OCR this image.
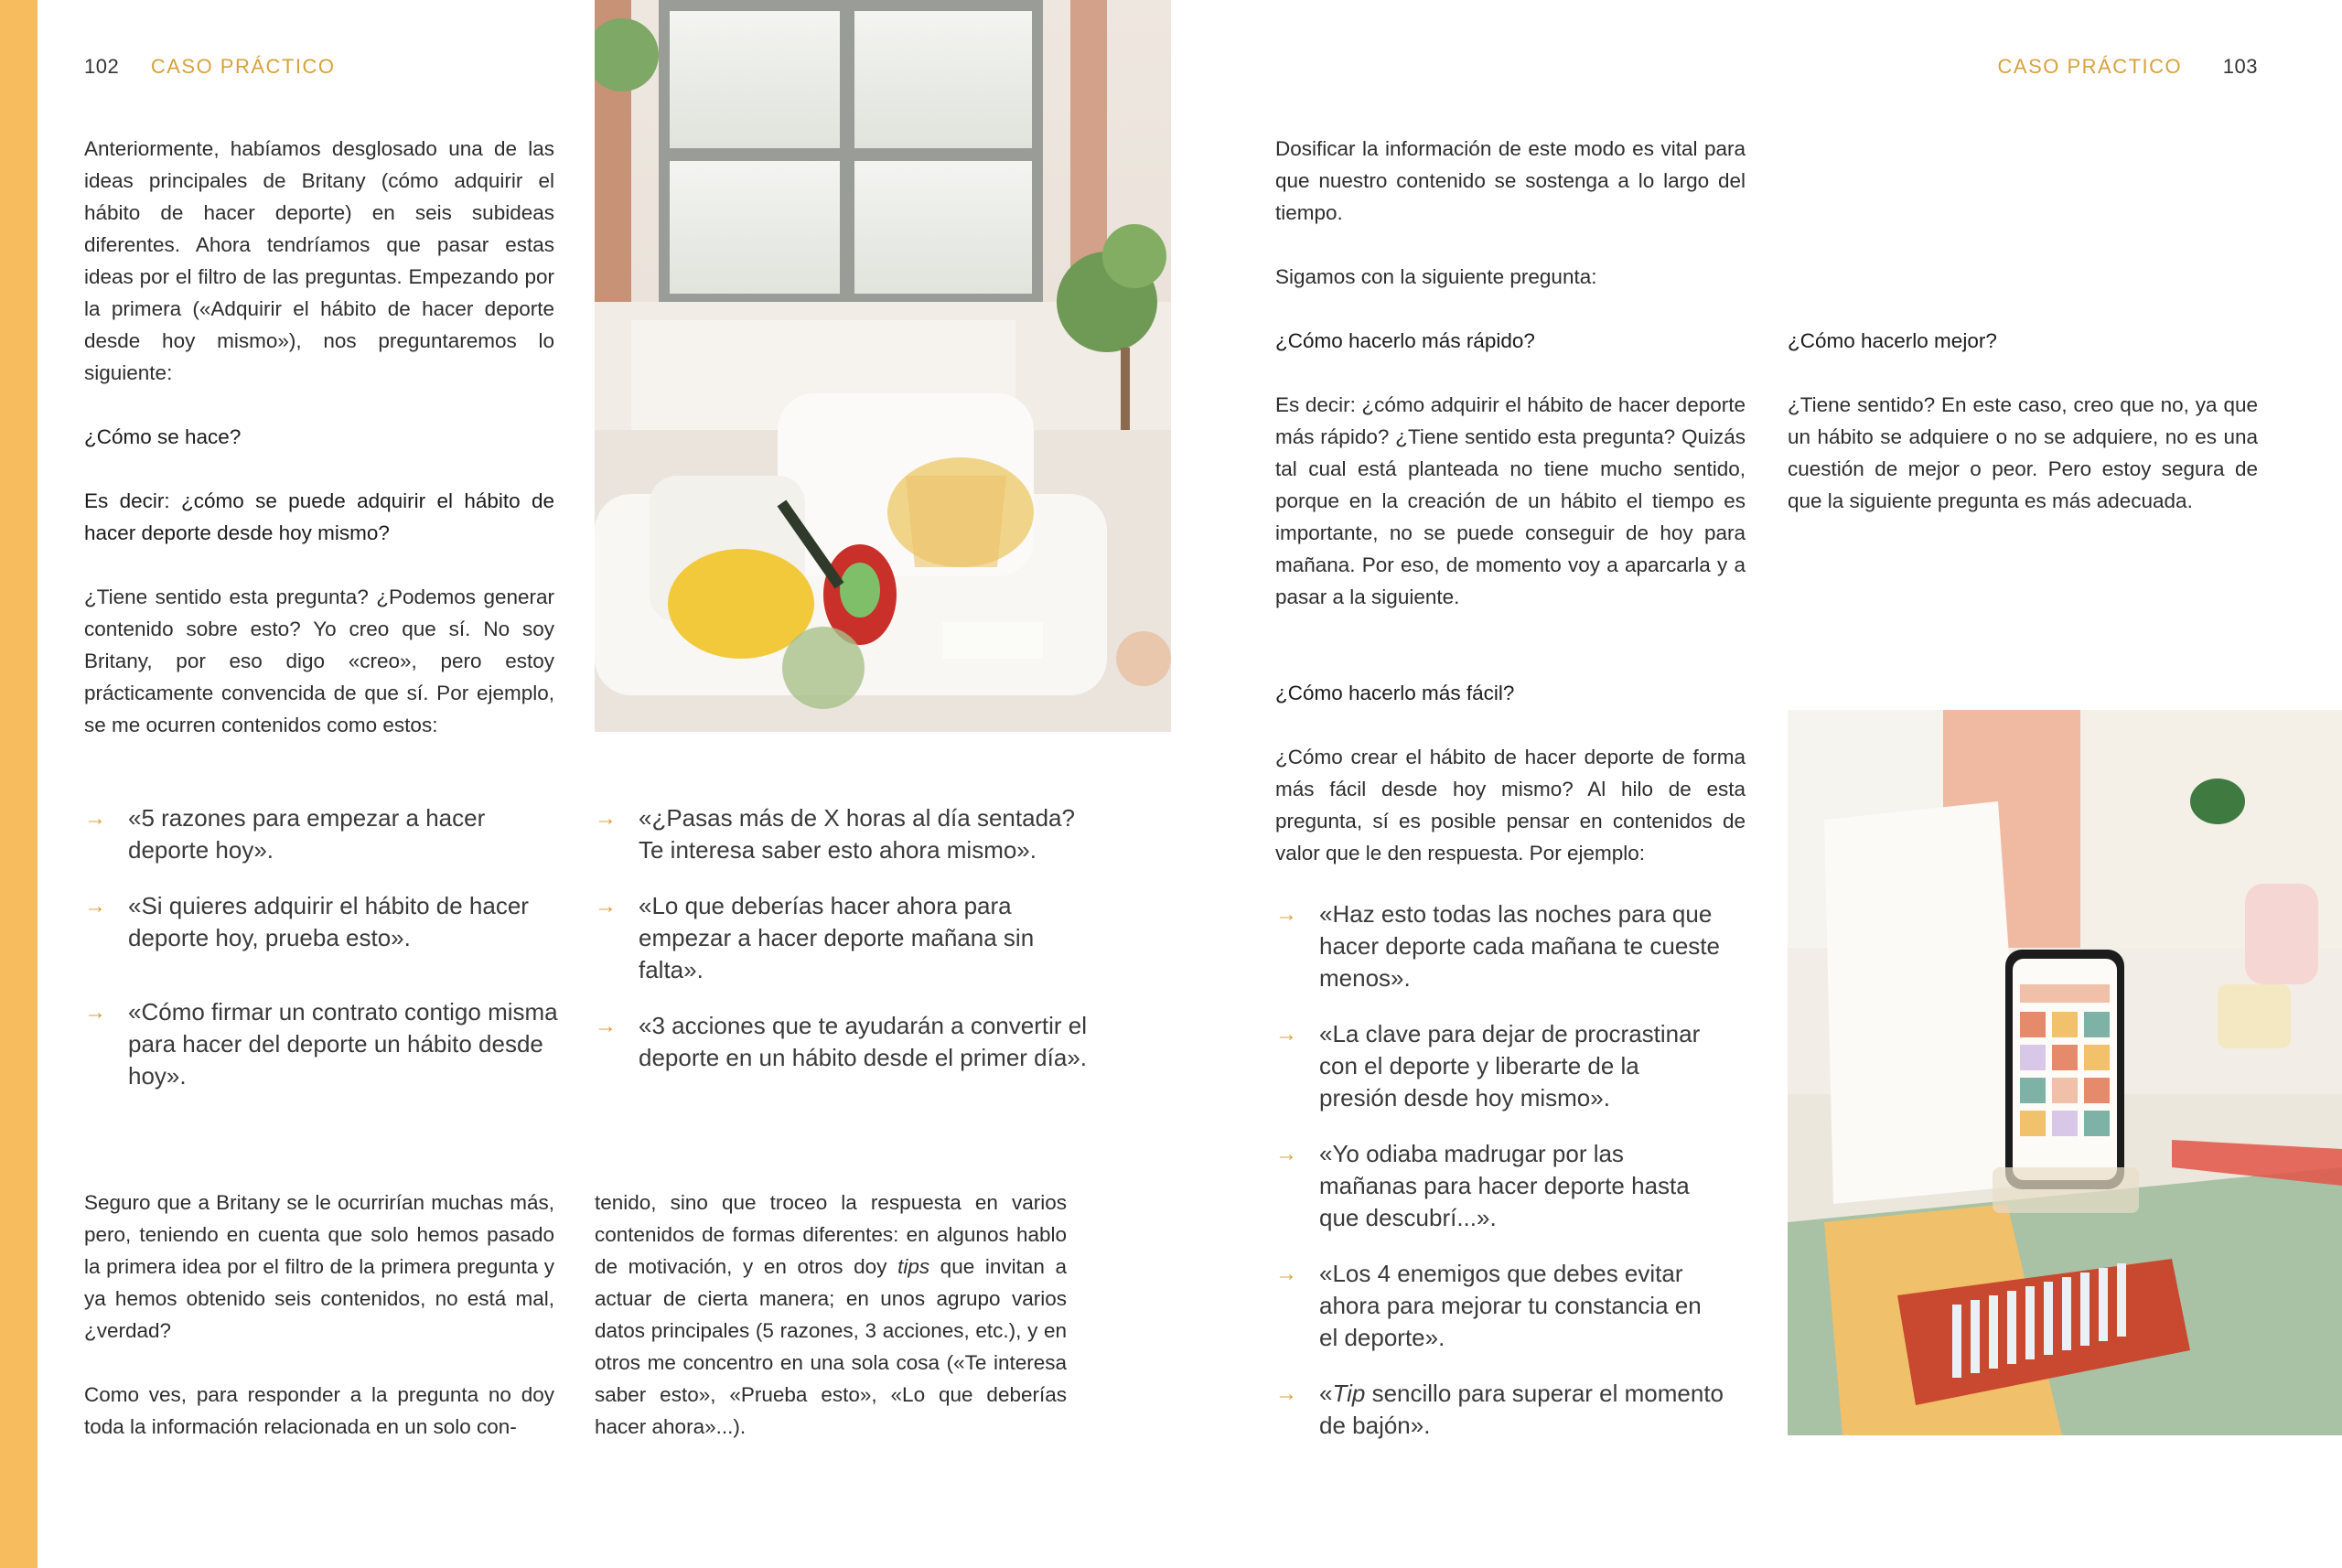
102 CASO PRÁCTICO

Anteriormente, habíamos desglosado una de las ideas principales de Britany (cómo adquirir el hábito de hacer deporte) en seis subideas diferentes. Ahora tendríamos que pasar estas ideas por el filtro de las preguntas. Empezando por la primera («Adquirir el hábito de hacer deporte desde hoy mismo»), nos preguntaremos lo siguiente:

¿Cómo se hace?

Es decir: ¿cómo se puede adquirir el hábito de hacer deporte desde hoy mismo?

¿Tiene sentido esta pregunta? ¿Podemos generar contenido sobre esto? Yo creo que sí. No soy Britany, por eso digo «creo», pero estoy prácticamente convencida de que sí. Por ejemplo, se me ocurren contenidos como estos:

→ «5 razones para empezar a hacer deporte hoy».
→ «Si quieres adquirir el hábito de hacer deporte hoy, prueba esto».
→ «Cómo firmar un contrato contigo misma para hacer del deporte un hábito desde hoy».
→ «¿Pasas más de X horas al día sentada? Te interesa saber esto ahora mismo».
→ «Lo que deberías hacer ahora para empezar a hacer deporte mañana sin falta».
→ «3 acciones que te ayudarán a convertir el deporte en un hábito desde el primer día».

Seguro que a Britany se le ocurrirían muchas más, pero, teniendo en cuenta que solo hemos pasado la primera idea por el filtro de la primera pregunta y ya hemos obtenido seis contenidos, no está mal, ¿verdad?

Como ves, para responder a la pregunta no doy toda la información relacionada en un solo con-

tenido, sino que troceo la respuesta en varios contenidos de formas diferentes: en algunos hablo de motivación, y en otros doy tips que invitan a actuar de cierta manera; en unos agrupo varios datos principales (5 razones, 3 acciones, etc.), y en otros me concentro en una sola cosa («Te interesa saber esto», «Prueba esto», «Lo que deberías hacer ahora»...).

CASO PRÁCTICO 103

Dosificar la información de este modo es vital para que nuestro contenido se sostenga a lo largo del tiempo.

Sigamos con la siguiente pregunta:

¿Cómo hacerlo más rápido?

Es decir: ¿cómo adquirir el hábito de hacer deporte más rápido? ¿Tiene sentido esta pregunta? Quizás tal cual está planteada no tiene mucho sentido, porque en la creación de un hábito el tiempo es importante, no se puede conseguir de hoy para mañana. Por eso, de momento voy a aparcarla y a pasar a la siguiente.

¿Cómo hacerlo más fácil?

¿Cómo crear el hábito de hacer deporte de forma más fácil desde hoy mismo? Al hilo de esta pregunta, sí es posible pensar en contenidos de valor que le den respuesta. Por ejemplo:

→ «Haz esto todas las noches para que hacer deporte cada mañana te cueste menos».
→ «La clave para dejar de procrastinar con el deporte y liberarte de la presión desde hoy mismo».
→ «Yo odiaba madrugar por las mañanas para hacer deporte hasta que descubrí...».
→ «Los 4 enemigos que debes evitar ahora para mejorar tu constancia en el deporte».
→ «Tip sencillo para superar el momento de bajón».

¿Cómo hacerlo mejor?

¿Tiene sentido? En este caso, creo que no, ya que un hábito se adquiere o no se adquiere, no es una cuestión de mejor o peor. Pero estoy segura de que la siguiente pregunta es más adecuada.
